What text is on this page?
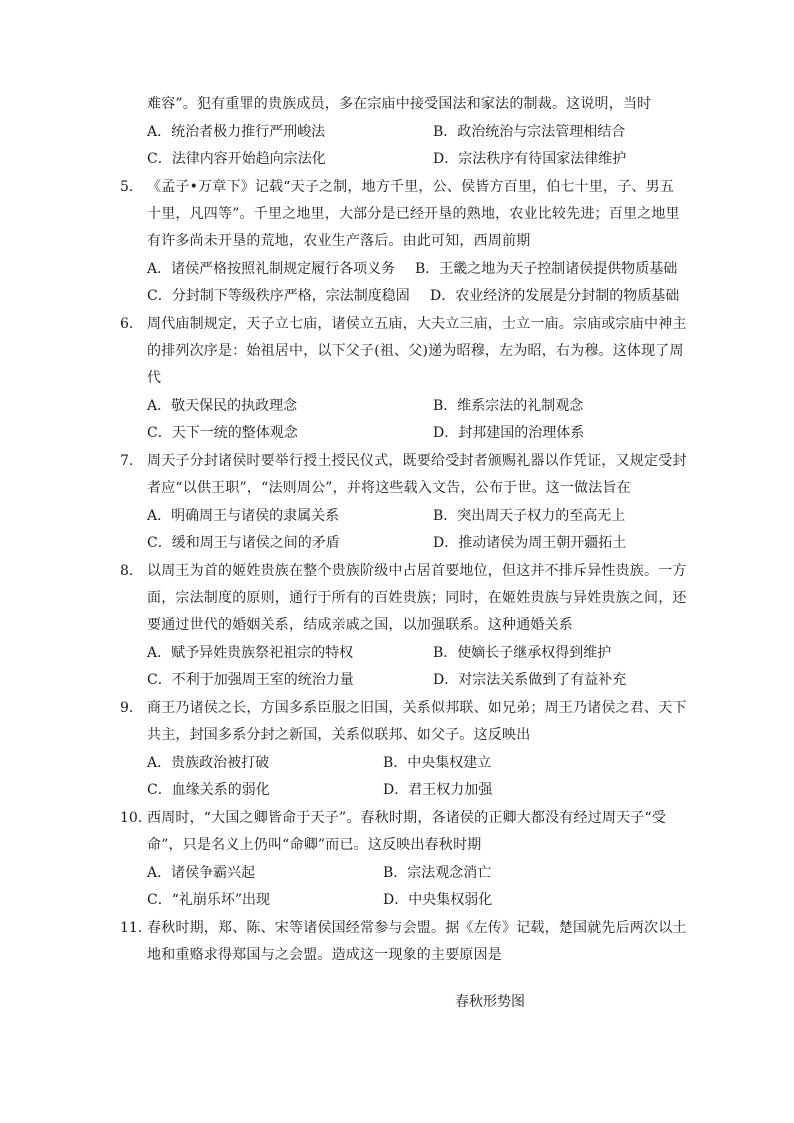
难容”。犯有重罪的贵族成员，多在宗庙中接受国法和家法的制裁。这说明，当时
A．统治者极力推行严刑峻法	B．政治统治与宗法管理相结合
C．法律内容开始趋向宗法化	D．宗法秩序有待国家法律维护
5. 《孟子•万章下》记载“天子之制，地方千里，公、侯皆方百里，伯七十里，子、男五
十里，凡四等”。千里之地里，大部分是已经开垦的熟地，农业比较先进；百里之地里
有许多尚未开垦的荒地，农业生产落后。由此可知，西周前期
A．诸侯严格按照礼制规定履行各项义务 B．王畿之地为天子控制诸侯提供物质基础
C．分封制下等级秩序严格，宗法制度稳固 D．农业经济的发展是分封制的物质基础
6. 周代庙制规定，天子立七庙，诸侯立五庙，大夫立三庙，士立一庙。宗庙或宗庙中神主
的排列次序是：始祖居中，以下父子(祖、父)递为昭穆，左为昭，右为穆。这体现了周
代
A．敬天保民的执政理念	B．维系宗法的礼制观念
C．天下一统的整体观念	D．封邦建国的治理体系
7. 周天子分封诸侯时要举行授土授民仪式，既要给受封者颁赐礼器以作凭证，又规定受封
者应“以供王职”，“法则周公”，并将这些载入文告，公布于世。这一做法旨在
A．明确周王与诸侯的隶属关系	B．突出周天子权力的至高无上
C．缓和周王与诸侯之间的矛盾	D．推动诸侯为周王朝开疆拓土
8. 以周王为首的姬姓贵族在整个贵族阶级中占居首要地位，但这并不排斥异性贵族。一方
面，宗法制度的原则，通行于所有的百姓贵族；同时，在姬姓贵族与异姓贵族之间，还
要通过世代的婚姻关系，结成亲戚之国，以加强联系。这种通婚关系
A．赋予异姓贵族祭祀祖宗的特权	B．使嫡长子继承权得到维护
C．不利于加强周王室的统治力量	D．对宗法关系做到了有益补充
9. 商王乃诸侯之长，方国多系臣服之旧国，关系似邦联、如兄弟；周王乃诸侯之君、天下
共主，封国多系分封之新国，关系似联邦、如父子。这反映出
A．贵族政治被打破	B．中央集权建立
C．血缘关系的弱化	D．君王权力加强
10. 西周时，“大国之卿皆命于天子”。春秋时期，各诸侯的正卿大都没有经过周天子“受
命”，只是名义上仍叫“命卿”而已。这反映出春秋时期
A．诸侯争霸兴起	B．宗法观念消亡
C．“礼崩乐坏”出现	D．中央集权弱化
11. 春秋时期，郑、陈、宋等诸侯国经常参与会盟。据《左传》记载，楚国就先后两次以土
地和重赂求得郑国与之会盟。造成这一现象的主要原因是
春秋形势图
